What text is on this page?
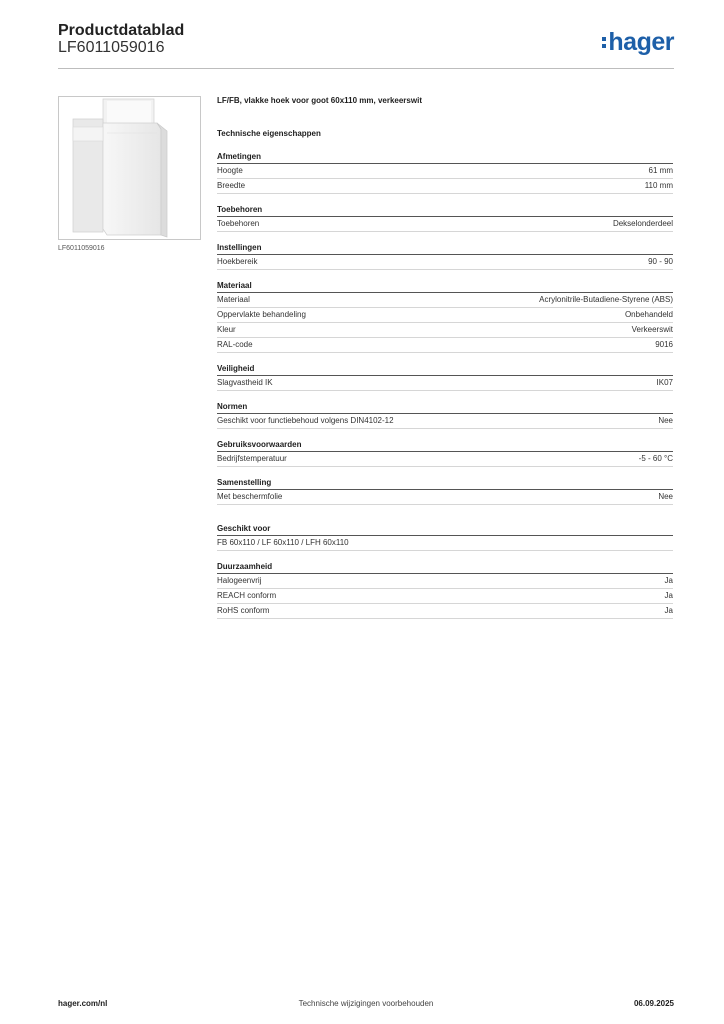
Productdatablad
LF6011059016	hager
LF6011059016
LF/FB, vlakke hoek voor goot 60x110 mm, verkeerswit
Technische eigenschappen
Afmetingen
Hoogte	61 mm
Breedte	110 mm
Toebehoren
Toebehoren	Dekselonderdeel
Instellingen
Hoekbereik	90 - 90
Materiaal
Materiaal	Acrylonitrile-Butadiene-Styrene (ABS)
Oppervlakte behandeling	Onbehandeld
Kleur	Verkeerswit
RAL-code	9016
Veiligheid
Slagvastheid IK	IK07
Normen
Geschikt voor functiebehoud volgens DIN4102-12	Nee
Gebruiksvoorwaarden
Bedrijfstemperatuur	-5 - 60 °C
Samenstelling
Met beschermfolie	Nee
Geschikt voor
FB 60x110 / LF 60x110 / LFH 60x110
Duurzaamheid
Halogeenvrij	Ja
REACH conform	Ja
RoHS conform	Ja
hager.com/nl	Technische wijzigingen voorbehouden	06.09.2025
